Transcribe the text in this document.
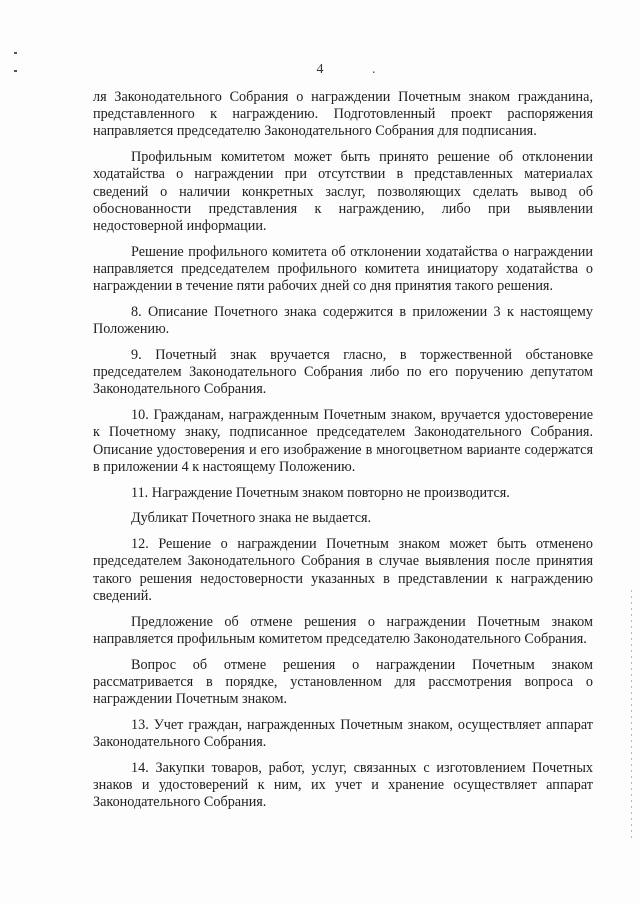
4	.

ля Законодательного Собрания о награждении Почетным знаком гражданина, представленного к награждению. Подготовленный проект распоряжения направляется председателю Законодательного Собрания для подписания.

Профильным комитетом может быть принято решение об отклонении ходатайства о награждении при отсутствии в представленных материалах сведений о наличии конкретных заслуг, позволяющих сделать вывод об обоснованности представления к награждению, либо при выявлении недостоверной информации.

Решение профильного комитета об отклонении ходатайства о награждении направляется председателем профильного комитета инициатору ходатайства о награждении в течение пяти рабочих дней со дня принятия такого решения.

8. Описание Почетного знака содержится в приложении 3 к настоящему Положению.

9. Почетный знак вручается гласно, в торжественной обстановке председателем Законодательного Собрания либо по его поручению депутатом Законодательного Собрания.

10. Гражданам, награжденным Почетным знаком, вручается удостоверение к Почетному знаку, подписанное председателем Законодательного Собрания. Описание удостоверения и его изображение в многоцветном варианте содержатся в приложении 4 к настоящему Положению.

11. Награждение Почетным знаком повторно не производится.

Дубликат Почетного знака не выдается.

12. Решение о награждении Почетным знаком может быть отменено председателем Законодательного Собрания в случае выявления после принятия такого решения недостоверности указанных в представлении к награждению сведений.

Предложение об отмене решения о награждении Почетным знаком направляется профильным комитетом председателю Законодательного Собрания.

Вопрос об отмене решения о награждении Почетным знаком рассматривается в порядке, установленном для рассмотрения вопроса о награждении Почетным знаком.

13. Учет граждан, награжденных Почетным знаком, осуществляет аппарат Законодательного Собрания.

14. Закупки товаров, работ, услуг, связанных с изготовлением Почетных знаков и удостоверений к ним, их учет и хранение осуществляет аппарат Законодательного Собрания.
